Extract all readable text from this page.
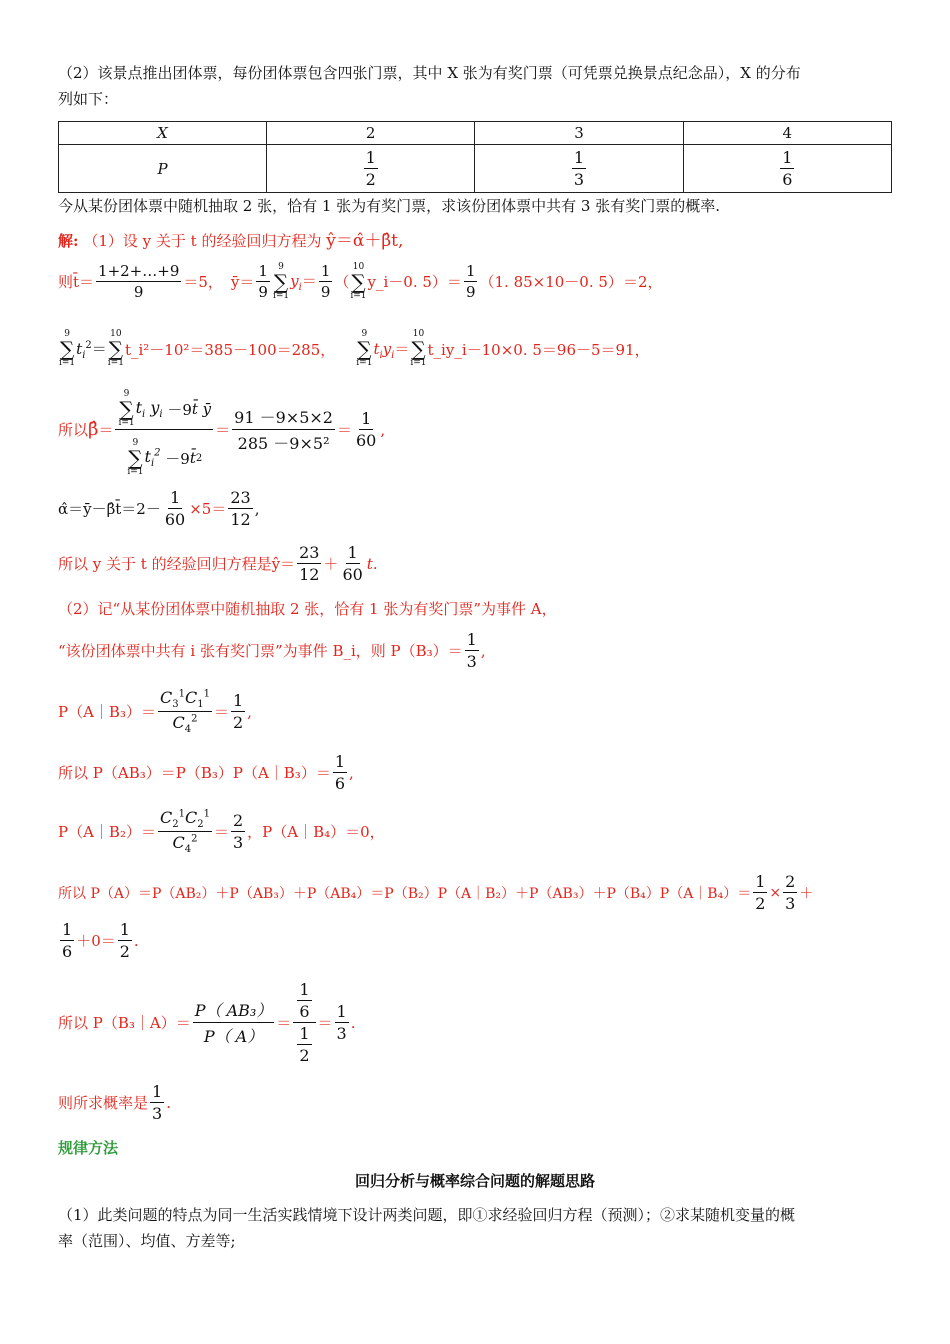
（2）该景点推出团体票，每份团体票包含四张门票，其中 X 张为有奖门票（可凭票兑换景点纪念品），X 的分布

列如下：

X	2	3	4
P	$\frac{1}{2}$	$\frac{1}{3}$	$\frac{1}{6}$

今从某份团体票中随机抽取 2 张，恰有 1 张为有奖门票，求该份团体票中共有 3 张有奖门票的概率.

解: （1）设 y 关于 t 的经验回归方程为 ŷ＝α̂＋β̂t,
则t̄＝
1+2+…+9
9
＝5， ȳ＝
1
9
9
∑
i=1
$y_i=$
1
9
（
10
∑
i=1
y_i－0. 5）＝
1
9
（1. 85×10－0. 5） ＝2，
9
∑
i=1
$t_i^2=$
10
∑
i=1
t_i²－10²＝385－100＝285，
9
∑
i=1
$t_iy_i=$
10
∑
i=1
t_iy_i－10×0. 5＝96－5＝91，
所以 β̂ ＝
9
∑
i=1
$t_i$ $y_i -9$ t̄ ȳ
9
∑
i=1
$t_i^2 -9$ t̄ 2
＝
91 －9×5×2
285 －9×5²
＝
1
60
,
α̂＝ȳ－β̂t̄＝2－ $\frac{1}{60} \times 5=$
23
12
,
所以 y 关于 t 的经验回归方程是ŷ＝
23
12
＋
1
60
t.

（2）记“从某份团体票中随机抽取 2 张，恰有 1 张为有奖门票”为事件 A，

“该份团体票中共有 i 张有奖门票”为事件 B_i，则 P（B₃）＝
1
3
,
P（A｜B₃）＝
$C_3^1C_1^1$
$C_4^2$ ＝
1
2
,
所以 P（AB₃）＝P（B₃）P（A｜B₃）＝
1
6
,
P（A｜B₂）＝
$C_2^1C_2^1$
$C_4^2$ ＝
2
3
，P（A｜B₄）＝0，
所以 P（A）＝P（AB₂）＋P（AB₃）＋P（AB₄）＝P（B₂）P（A｜B₂）＋P（AB₃）＋P（B₄）P（A｜B₄）＝ $\frac{1}{2} \times \frac{2}{3}$ ＋
1
6
＋0＝
1
2
.
所以 P（B₃｜A）＝
P（ AB₃）
P（ A）
＝
$\frac{1}{6}$
$\frac{1}{2}$
＝
1
3
.
则所求概率是
1
3
.
规律方法
回归分析与概率综合问题的解题思路

（1）此类问题的特点为同一生活实践情境下设计两类问题，即①求经验回归方程（预测）；②求某随机变量的概

率（范围）、均值、方差等;
